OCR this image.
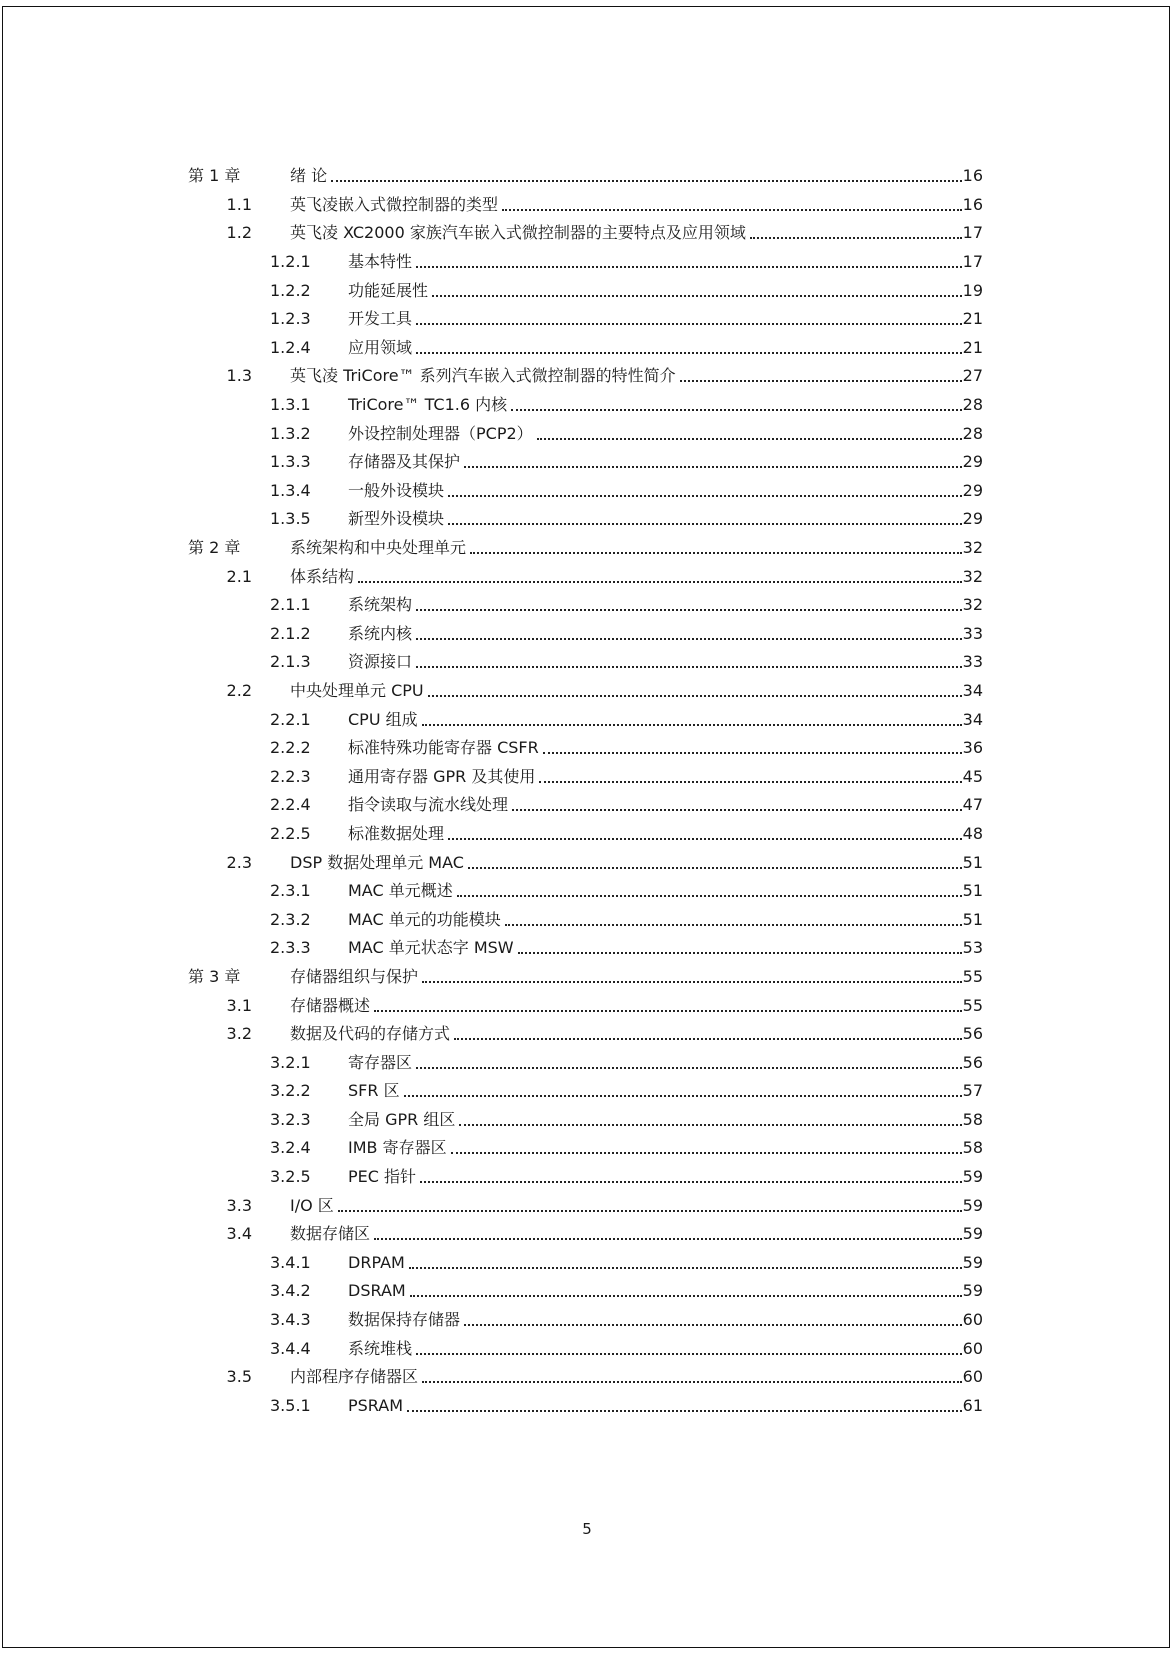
第 1 章	绪 论	16
1.1 英飞凌嵌入式微控制器的类型	16
1.2 英飞凌 XC2000 家族汽车嵌入式微控制器的主要特点及应用领域	17
1.2.1 基本特性	17
1.2.2 功能延展性	19
1.2.3 开发工具	21
1.2.4 应用领域	21
1.3 英飞凌 TriCore™ 系列汽车嵌入式微控制器的特性简介	27
1.3.1 TriCore™ TC1.6 内核	28
1.3.2 外设控制处理器（PCP2）	28
1.3.3 存储器及其保护	29
1.3.4 一般外设模块	29
1.3.5 新型外设模块	29
第 2 章	系统架构和中央处理单元	32
2.1 体系结构	32
2.1.1 系统架构	32
2.1.2 系统内核	33
2.1.3 资源接口	33
2.2 中央处理单元 CPU	34
2.2.1 CPU 组成	34
2.2.2 标准特殊功能寄存器 CSFR	36
2.2.3 通用寄存器 GPR 及其使用	45
2.2.4 指令读取与流水线处理	47
2.2.5 标准数据处理	48
2.3 DSP 数据处理单元 MAC	51
2.3.1 MAC 单元概述	51
2.3.2 MAC 单元的功能模块	51
2.3.3 MAC 单元状态字 MSW	53
第 3 章	存储器组织与保护	55
3.1 存储器概述	55
3.2 数据及代码的存储方式	56
3.2.1 寄存器区	56
3.2.2 SFR 区	57
3.2.3 全局 GPR 组区	58
3.2.4 IMB 寄存器区	58
3.2.5 PEC 指针	59
3.3 I/O 区	59
3.4 数据存储区	59
3.4.1 DRPAM	59
3.4.2 DSRAM	59
3.4.3 数据保持存储器	60
3.4.4 系统堆栈	60
3.5 内部程序存储器区	60
3.5.1 PSRAM	61
5
